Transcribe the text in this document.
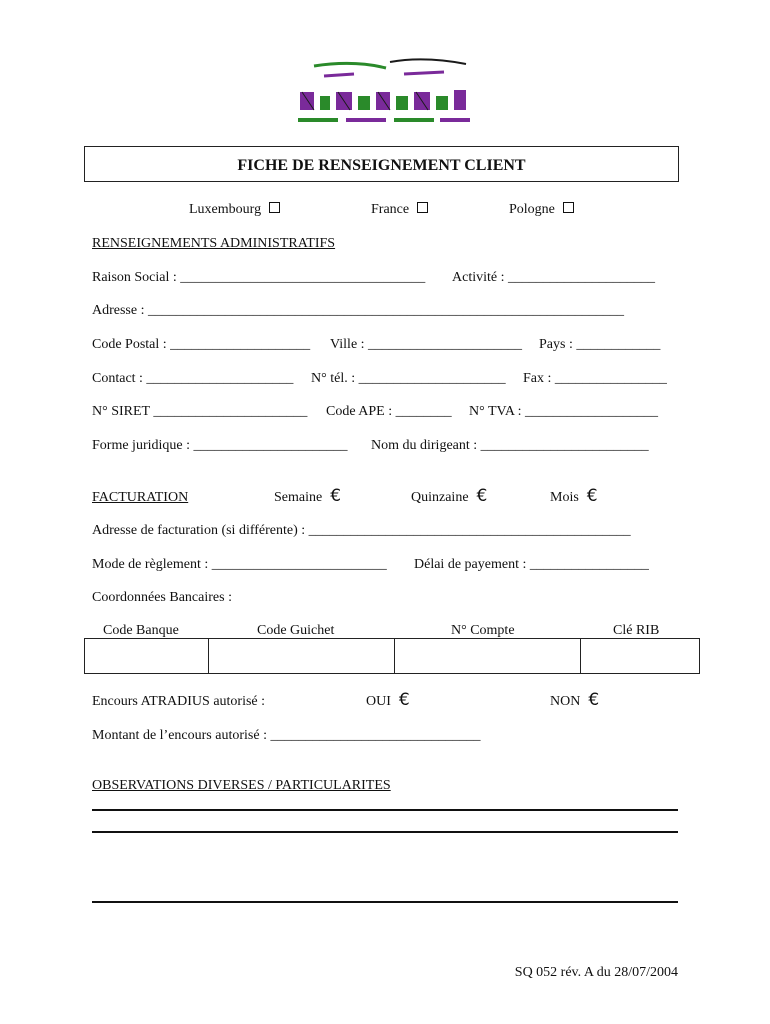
FICHE DE RENSEIGNEMENT CLIENT
Luxembourg	France	Pologne
RENSEIGNEMENTS ADMINISTRATIFS
Raison Social : ___________________________________ Activité : _____________________
Adresse : ____________________________________________________________________
Code Postal : ____________________ Ville : ______________________ Pays : ____________
Contact : _____________________ N° tél. : _____________________ Fax : ________________
N° SIRET ______________________ Code APE : ________ N° TVA : ___________________
Forme juridique : ______________________ Nom du dirigeant : ________________________
FACTURATION	Semaine €	Quinzaine €	Mois €
Adresse de facturation (si différente) : ______________________________________________
Mode de règlement : _________________________ Délai de payement : _________________
Coordonnées Bancaires :
Code Banque	Code Guichet	N° Compte	Clé RIB
Encours ATRADIUS autorisé :	OUI €	NON €
Montant de l’encours autorisé : ______________________________
OBSERVATIONS DIVERSES / PARTICULARITES
SQ 052 rév. A du 28/07/2004
